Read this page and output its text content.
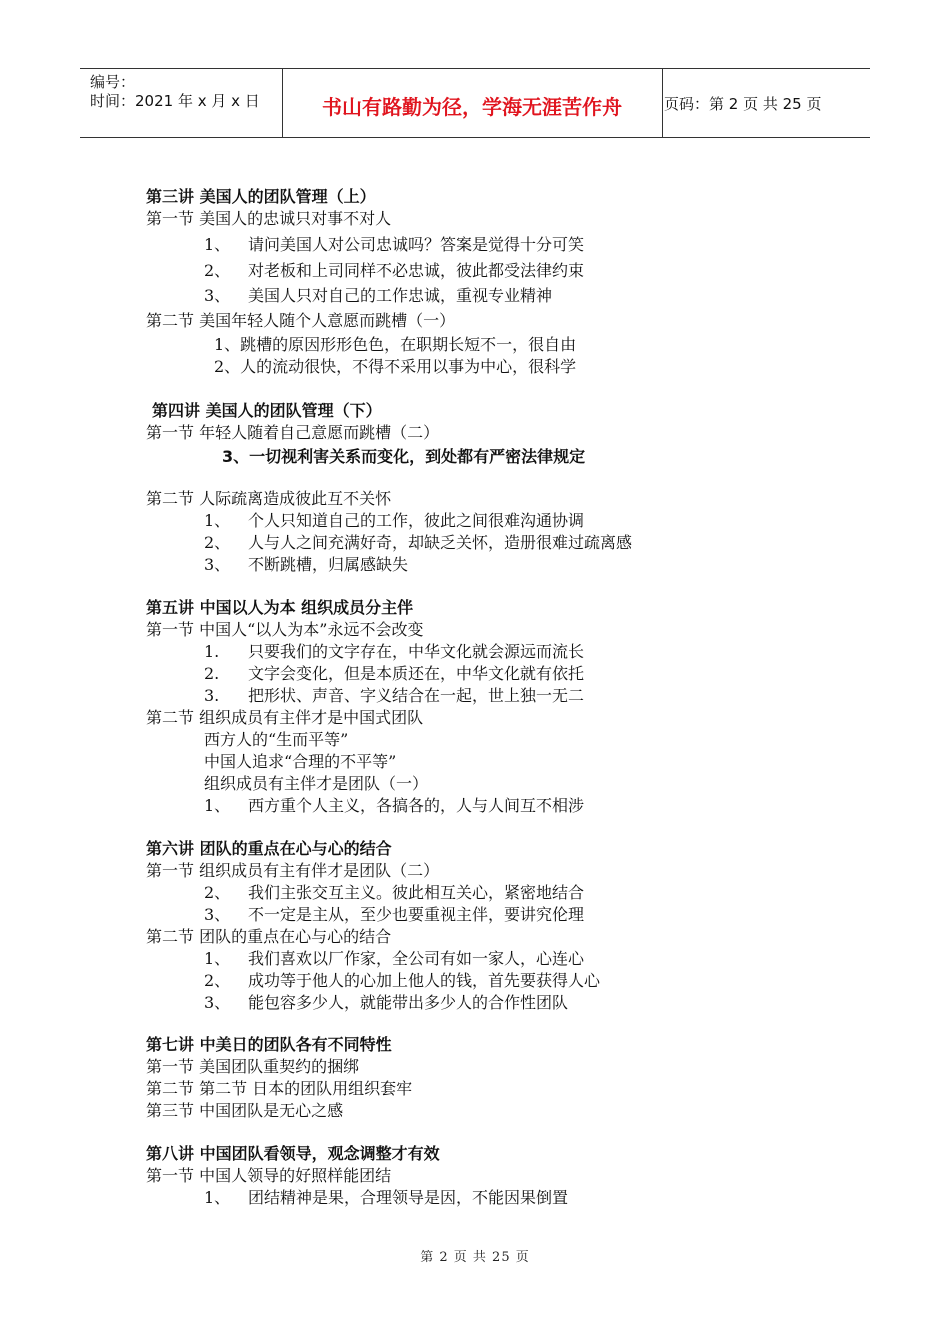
编号：
时间：2021 年 x 月 x 日	书山有路勤为径，学海无涯苦作舟	页码：第 2 页 共 25 页
第三讲 美国人的团队管理（上）
第一节 美国人的忠诚只对事不对人
1、 请问美国人对公司忠诚吗？答案是觉得十分可笑
2、 对老板和上司同样不必忠诚，彼此都受法律约束
3、 美国人只对自己的工作忠诚，重视专业精神
第二节 美国年轻人随个人意愿而跳槽（一）
1、跳槽的原因形形色色，在职期长短不一，很自由
2、人的流动很快，不得不采用以事为中心，很科学
第四讲 美国人的团队管理（下）
第一节 年轻人随着自己意愿而跳槽（二）
3、一切视利害关系而变化，到处都有严密法律规定
第二节 人际疏离造成彼此互不关怀
1、 个人只知道自己的工作，彼此之间很难沟通协调
2、 人与人之间充满好奇，却缺乏关怀，造册很难过疏离感
3、 不断跳槽，归属感缺失
第五讲 中国以人为本 组织成员分主伴
第一节 中国人“以人为本”永远不会改变
1. 只要我们的文字存在，中华文化就会源远而流长
2. 文字会变化，但是本质还在，中华文化就有依托
3. 把形状、声音、字义结合在一起，世上独一无二
第二节 组织成员有主伴才是中国式团队
西方人的“生而平等”
中国人追求“合理的不平等”
组织成员有主伴才是团队（一）
1、 西方重个人主义，各搞各的，人与人间互不相涉
第六讲 团队的重点在心与心的结合
第一节 组织成员有主有伴才是团队（二）
2、 我们主张交互主义。彼此相互关心，紧密地结合
3、 不一定是主从，至少也要重视主伴，要讲究伦理
第二节 团队的重点在心与心的结合
1、 我们喜欢以厂作家，全公司有如一家人，心连心
2、 成功等于他人的心加上他人的钱，首先要获得人心
3、 能包容多少人，就能带出多少人的合作性团队
第七讲 中美日的团队各有不同特性
第一节 美国团队重契约的捆绑
第二节 第二节 日本的团队用组织套牢
第三节 中国团队是无心之感
第八讲 中国团队看领导，观念调整才有效
第一节 中国人领导的好照样能团结
1、 团结精神是果，合理领导是因，不能因果倒置
第 2 页 共 25 页
